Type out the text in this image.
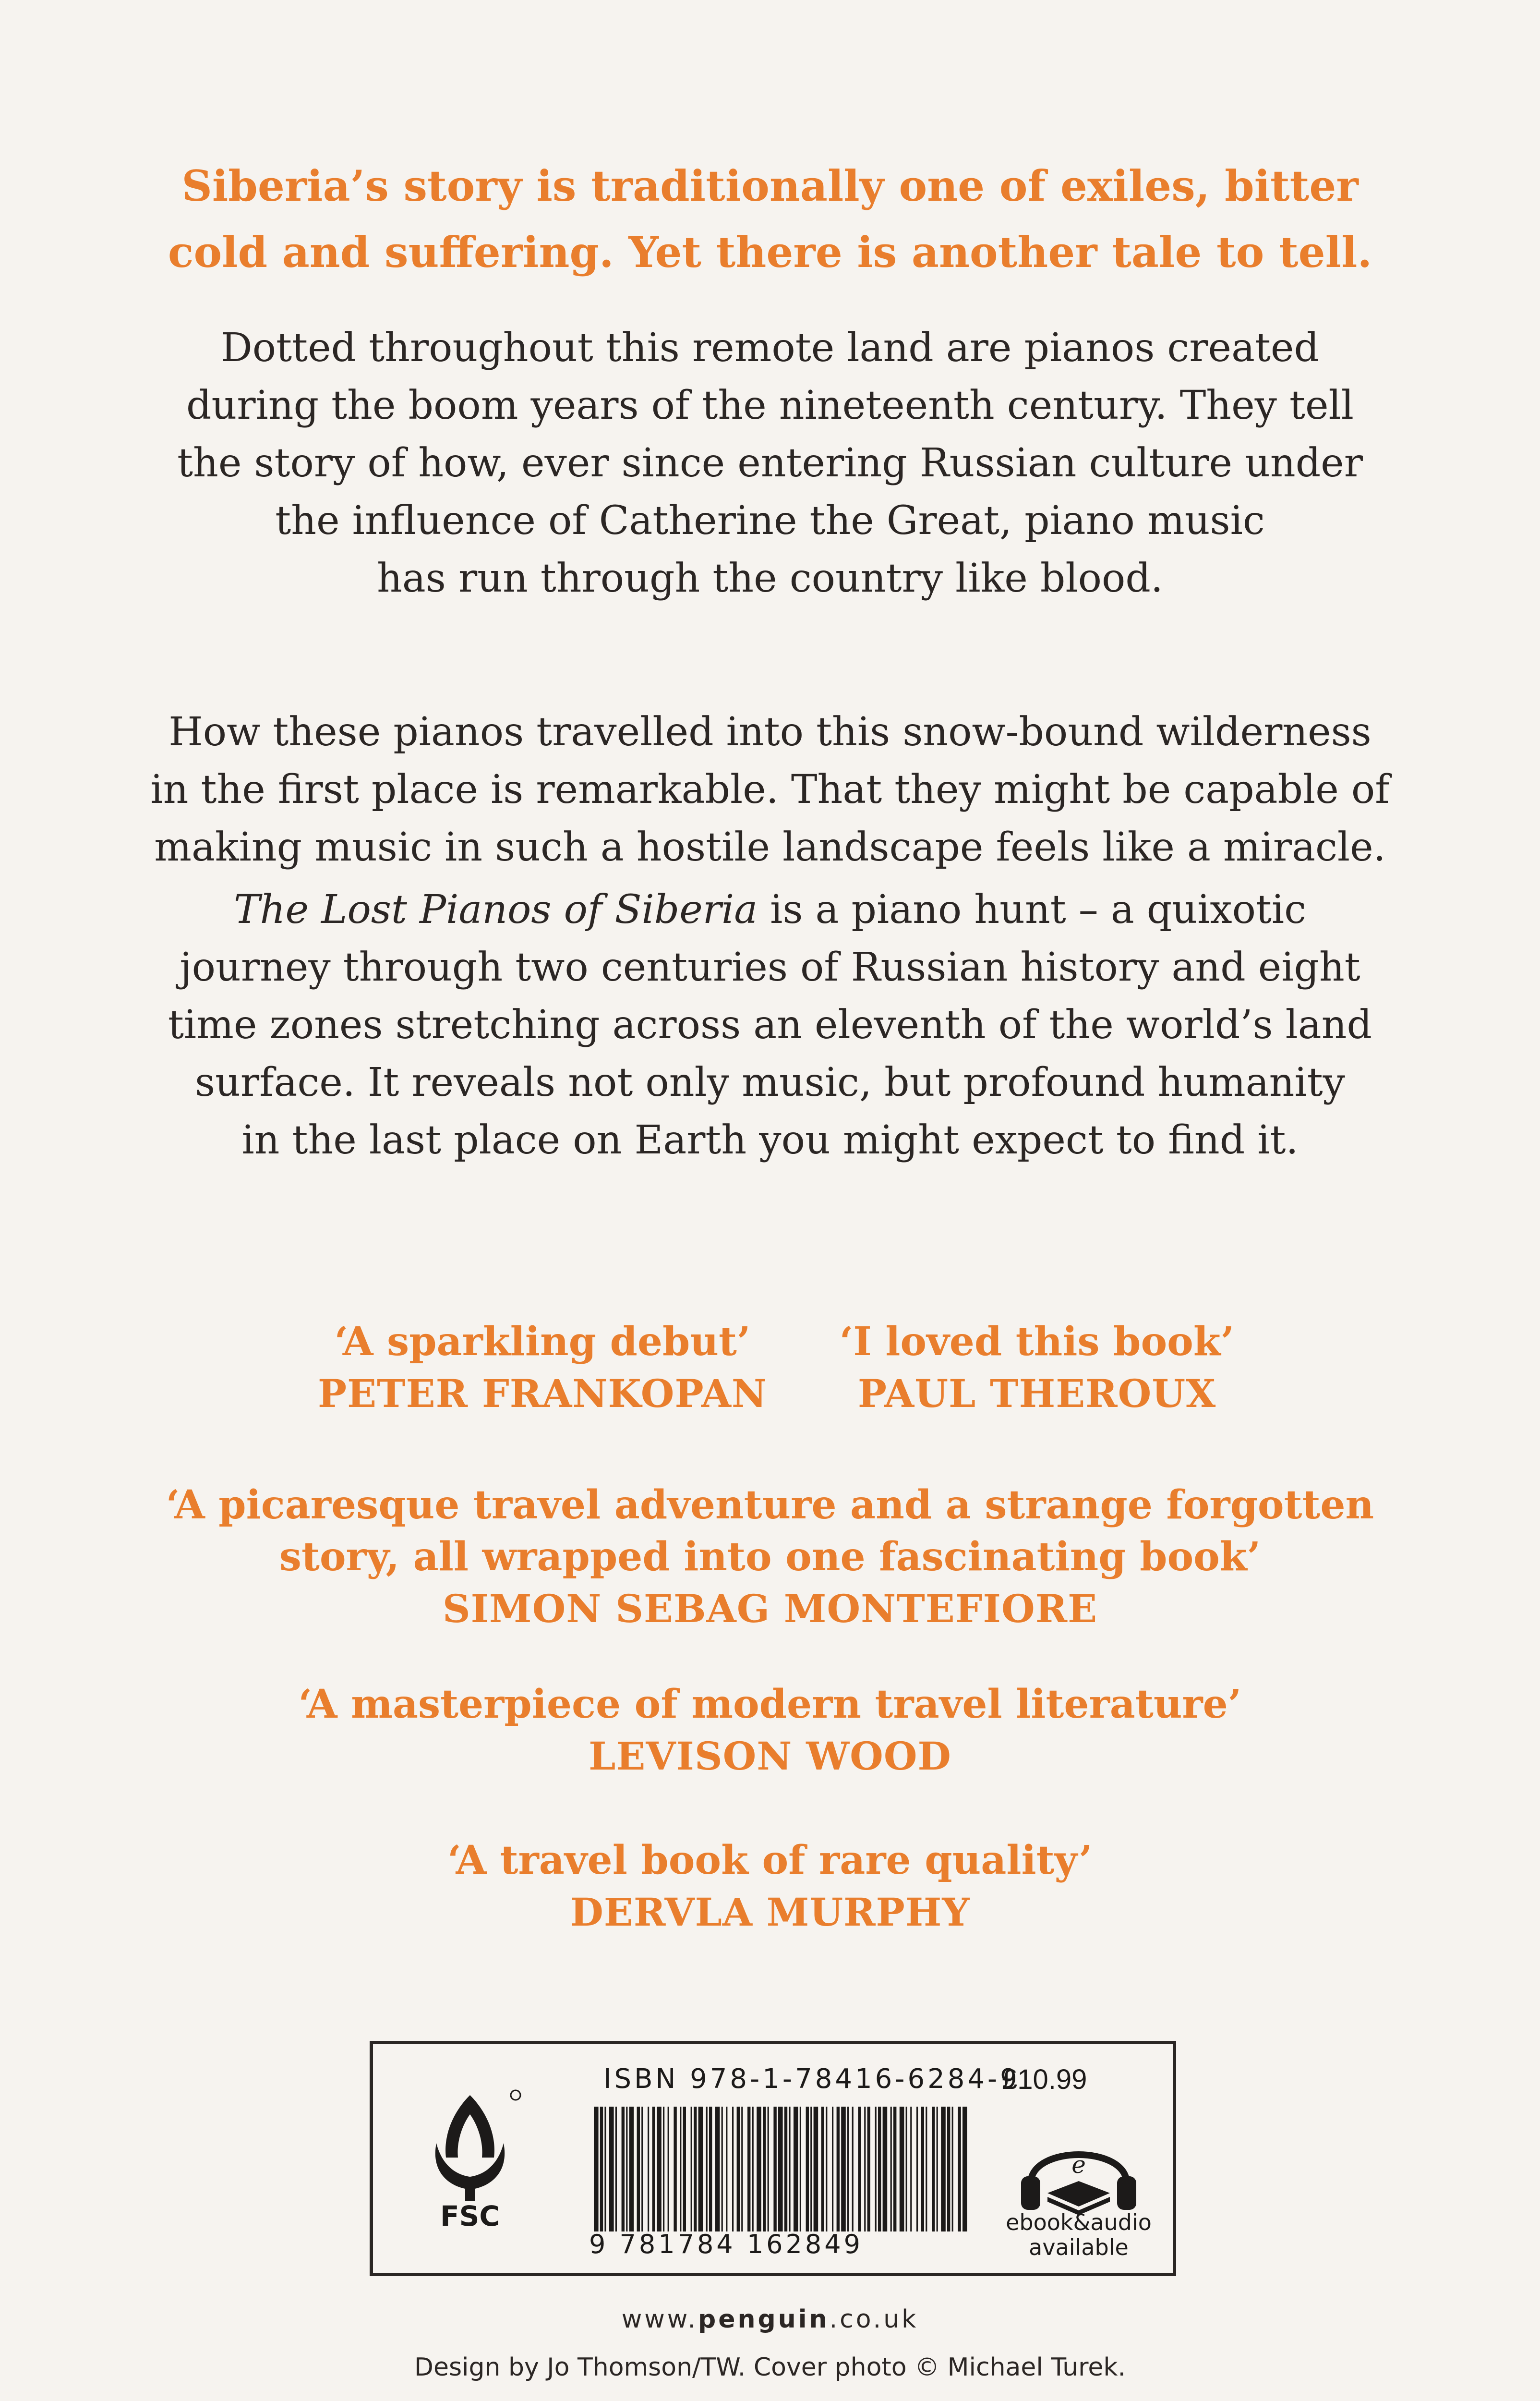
Siberia’s story is traditionally one of exiles, bitter
cold and suffering. Yet there is another tale to tell.
Dotted throughout this remote land are pianos created
during the boom years of the nineteenth century. They tell
the story of how, ever since entering Russian culture under
the influence of Catherine the Great, piano music
has run through the country like blood.
How these pianos travelled into this snow-bound wilderness
in the first place is remarkable. That they might be capable of
making music in such a hostile landscape feels like a miracle.
The Lost Pianos of Siberia is a piano hunt – a quixotic
journey through two centuries of Russian history and eight
time zones stretching across an eleventh of the world’s land
surface. It reveals not only music, but profound humanity
in the last place on Earth you might expect to find it.
‘A sparkling debut’
PETER FRANKOPAN
‘I loved this book’
PAUL THEROUX
‘A picaresque travel adventure and a strange forgotten
story, all wrapped into one fascinating book’
SIMON SEBAG MONTEFIORE
‘A masterpiece of modern travel literature’
LEVISON WOOD
‘A travel book of rare quality’
DERVLA MURPHY
FSC
ISBN 978-1-78416-6284-9
9 781784 162849
£10.99
e
ebook&audio
available
www.penguin.co.uk
Design by Jo Thomson/TW. Cover photo © Michael Turek.
